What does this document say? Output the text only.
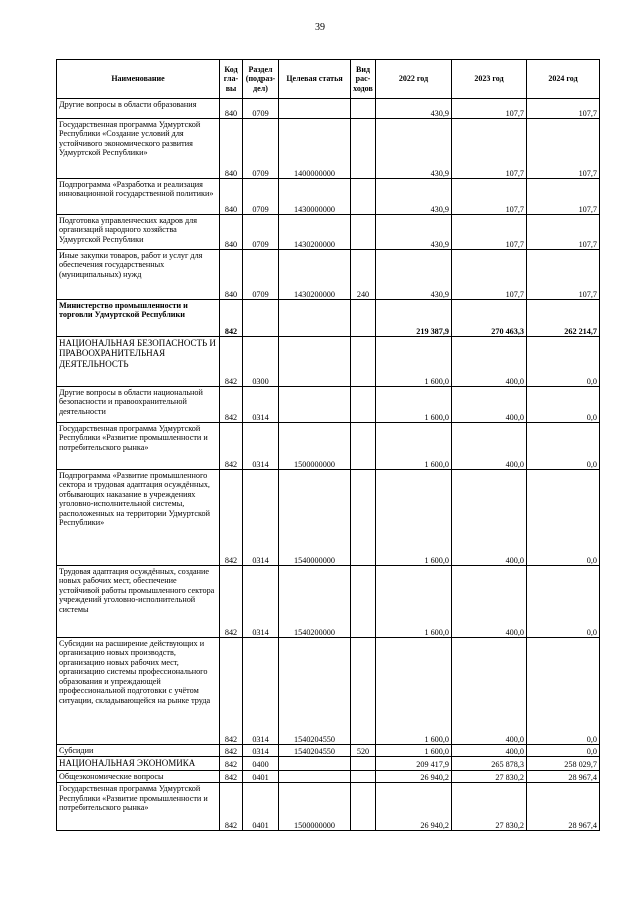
39
Наименование	Код гла- вы	Раздел (подраз- дел)	Целевая статья	Вид рас- ходов	2022 год	2023 год	2024 год
Другие вопросы в области образования	840	0709			430,9	107,7	107,7
Государственная программа Удмуртской Республики «Создание условий для устойчивого экономического развития Удмуртской Республики»	840	0709	1400000000		430,9	107,7	107,7
Подпрограмма «Разработка и реализация инновационной государственной политики»	840	0709	1430000000		430,9	107,7	107,7
Подготовка управленческих кадров для организаций народного хозяйства Удмуртской Республики	840	0709	1430200000		430,9	107,7	107,7
Иные закупки товаров, работ и услуг для обеспечения государственных (муниципальных) нужд	840	0709	1430200000	240	430,9	107,7	107,7
Министерство промышленности и торговли Удмуртской Республики	842				219 387,9	270 463,3	262 214,7
НАЦИОНАЛЬНАЯ БЕЗОПАСНОСТЬ И ПРАВООХРАНИТЕЛЬНАЯ ДЕЯТЕЛЬНОСТЬ	842	0300			1 600,0	400,0	0,0
Другие вопросы в области национальной безопасности и правоохранительной деятельности	842	0314			1 600,0	400,0	0,0
Государственная программа Удмуртской Республики «Развитие промышленности и потребительского рынка»	842	0314	1500000000		1 600,0	400,0	0,0
Подпрограмма «Развитие промышленного сектора и трудовая адаптация осуждённых, отбывающих наказание в учреждениях уголовно-исполнительной системы, расположенных на территории Удмуртской Республики»	842	0314	1540000000		1 600,0	400,0	0,0
Трудовая адаптация осуждённых, создание новых рабочих мест, обеспечение устойчивой работы промышленного сектора учреждений уголовно-исполнительной системы	842	0314	1540200000		1 600,0	400,0	0,0
Субсидии на расширение действующих и организацию новых производств, организацию новых рабочих мест, организацию системы профессионального образования и упреждающей профессиональной подготовки с учётом ситуации, складывающейся на рынке труда	842	0314	1540204550		1 600,0	400,0	0,0
Субсидии	842	0314	1540204550	520	1 600,0	400,0	0,0
НАЦИОНАЛЬНАЯ ЭКОНОМИКА	842	0400			209 417,9	265 878,3	258 029,7
Общеэкономические вопросы	842	0401			26 940,2	27 830,2	28 967,4
Государственная программа Удмуртской Республики «Развитие промышленности и потребительского рынка»	842	0401	1500000000		26 940,2	27 830,2	28 967,4
